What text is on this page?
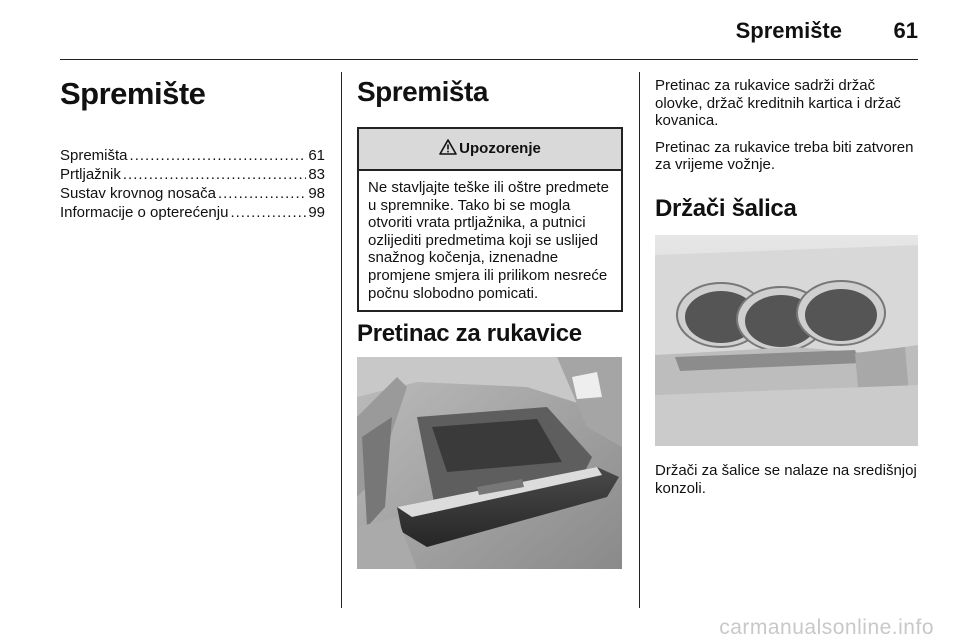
Spremište 61
Spremište
Spremišta .....	61
Prtljažnik .....	83
Sustav krovnog nosača .....	98
Informacije o opterećenju .....	99
Spremišta
Upozorenje
Ne stavljajte teške ili oštre predmete u spremnike. Tako bi se mogla otvoriti vrata prtljažnika, a putnici ozlijediti predmetima koji se uslijed snažnog kočenja, iznenadne promjene smjera ili prilikom nesreće počnu slobodno pomicati.
Pretinac za rukavice

Pretinac za rukavice sadrži držač olovke, držač kreditnih kartica i držač kovanica.

Pretinac za rukavice treba biti zatvoren za vrijeme vožnje.

Držači šalica

Držači za šalice se nalaze na središnjoj konzoli.

carmanualsonline.info
